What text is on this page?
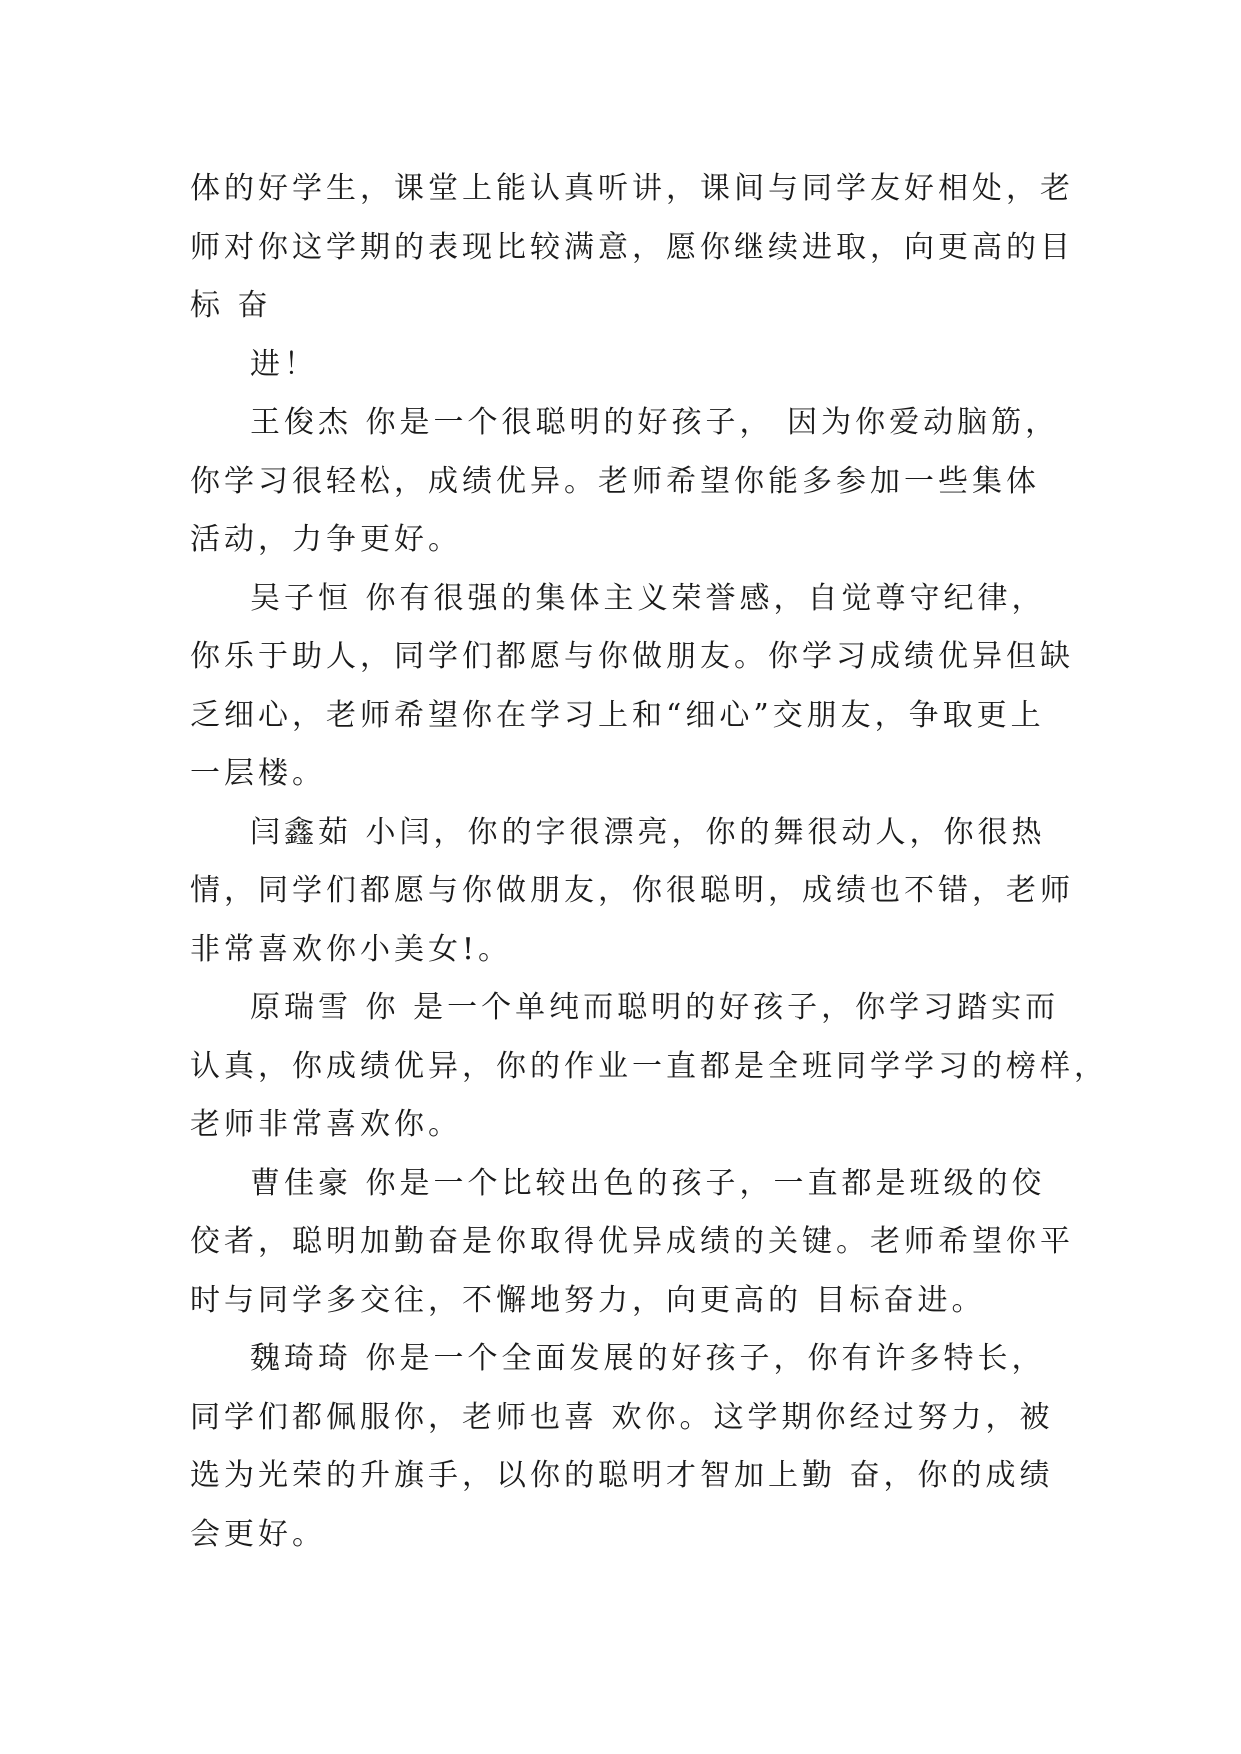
体的好学生，课堂上能认真听讲，课间与同学友好相处，老
师对你这学期的表现比较满意，愿你继续进取，向更高的目
标 奋
进！
王俊杰 你是一个很聪明的好孩子， 因为你爱动脑筋，
你学习很轻松，成绩优异。老师希望你能多参加一些集体
活动，力争更好。
吴子恒 你有很强的集体主义荣誉感，自觉尊守纪律，
你乐于助人，同学们都愿与你做朋友。你学习成绩优异但缺
乏细心，老师希望你在学习上和“细心”交朋友，争取更上
一层楼。
闫鑫茹 小闫，你的字很漂亮，你的舞很动人，你很热
情，同学们都愿与你做朋友，你很聪明，成绩也不错，老师
非常喜欢你小美女!。
原瑞雪 你 是一个单纯而聪明的好孩子，你学习踏实而
认真，你成绩优异，你的作业一直都是全班同学学习的榜样，
老师非常喜欢你。
曹佳豪 你是一个比较出色的孩子，一直都是班级的佼
佼者，聪明加勤奋是你取得优异成绩的关键。老师希望你平
时与同学多交往，不懈地努力，向更高的 目标奋进。
魏琦琦 你是一个全面发展的好孩子，你有许多特长，
同学们都佩服你，老师也喜 欢你。这学期你经过努力，被
选为光荣的升旗手，以你的聪明才智加上勤 奋，你的成绩
会更好。
